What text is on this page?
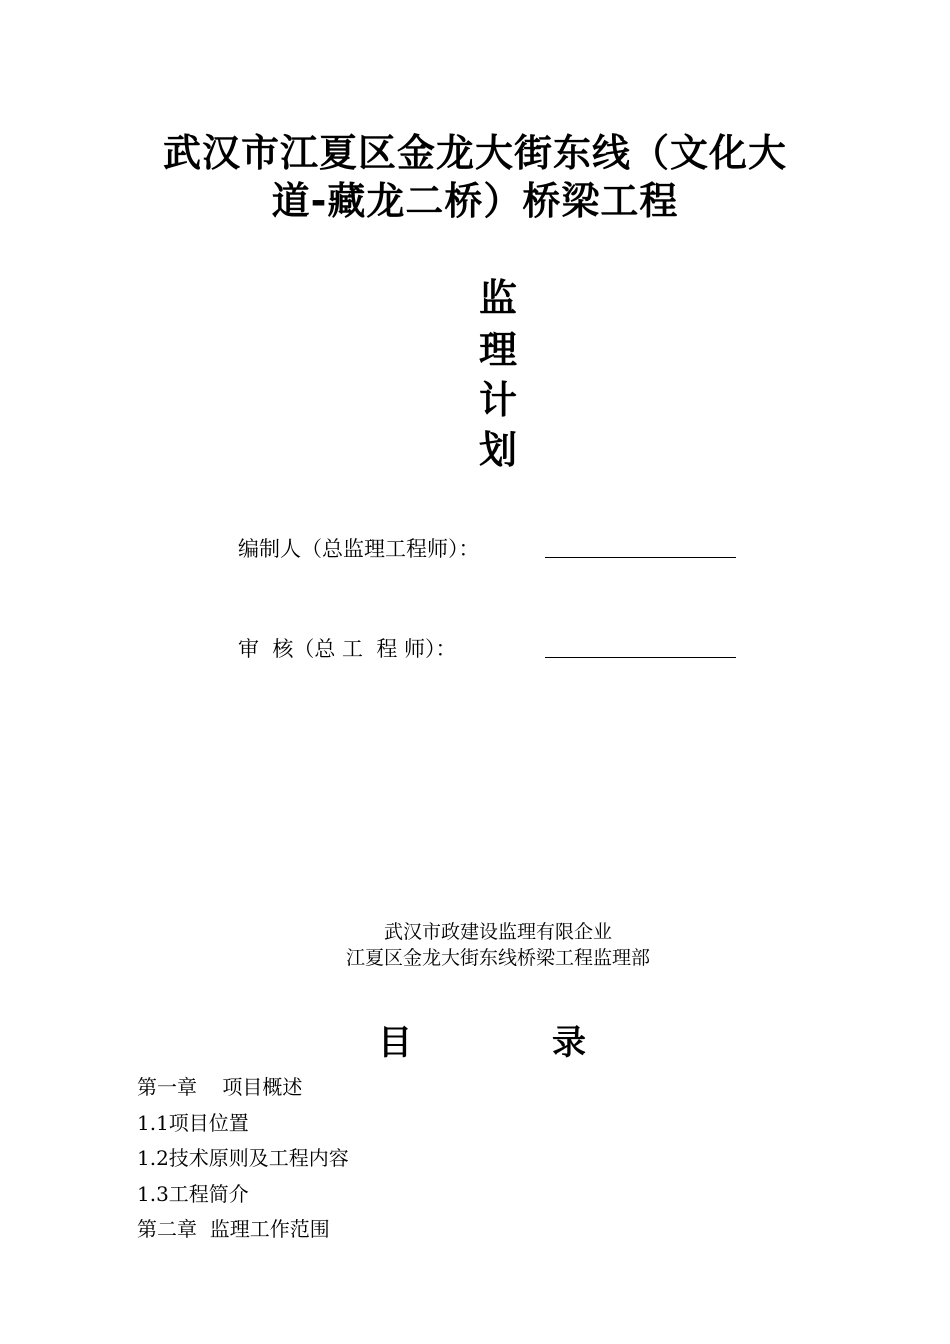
武汉市江夏区金龙大街东线（文化大
道-藏龙二桥）桥梁工程
监
理
计
划
编制人（总监理工程师）：
审  核（总 工  程 师）：
武汉市政建设监理有限企业
江夏区金龙大街东线桥梁工程监理部
目	录
第一章    项目概述
1.1项目位置
1.2技术原则及工程内容
1.3工程简介
第二章  监理工作范围
